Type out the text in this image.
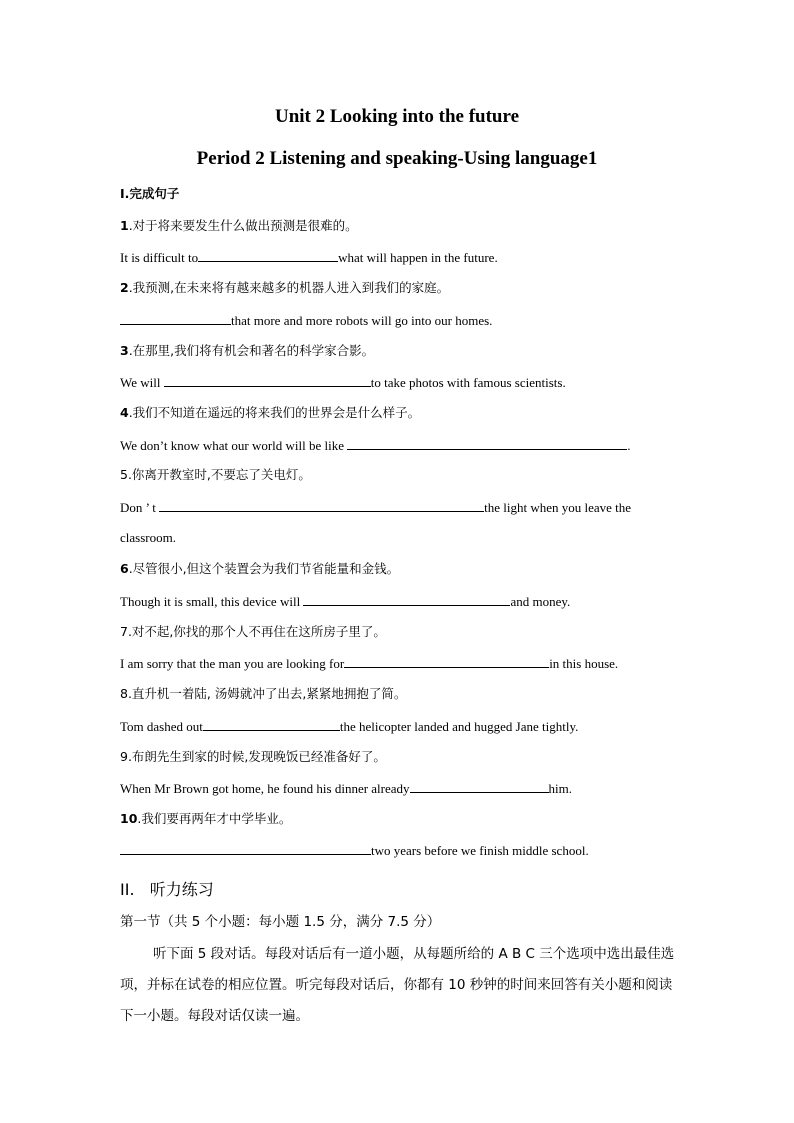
Unit 2 Looking into the future
Period 2 Listening and speaking-Using language1
I.完成句子
1.对于将来要发生什么做出预测是很难的。
It is difficult to	what will happen in the future.
2.我预测,在未来将有越来越多的机器人进入到我们的家庭。
that more and more robots will go into our homes.
3.在那里,我们将有机会和著名的科学家合影。
We will	to take photos with famous scientists.
4.我们不知道在遥远的将来我们的世界会是什么样子。
We don’t know what our world will be like	.
5.你离开教室时,不要忘了关电灯。
Don ’ t	the light when you leave the
classroom.
6.尽管很小,但这个装置会为我们节省能量和金钱。
Though it is small, this device will	and money.
7.对不起,你找的那个人不再住在这所房子里了。
I am sorry that the man you are looking for	in this house.
8.直升机一着陆, 汤姆就冲了出去,紧紧地拥抱了简。
Tom dashed out	the helicopter landed and hugged Jane tightly.
9.布朗先生到家的时候,发现晚饭已经准备好了。
When Mr Brown got home, he found his dinner already	him.
10.我们要再两年才中学毕业。
two years before we finish middle school.
II.   听力练习
第一节（共 5 个小题：每小题 1.5 分，满分 7.5 分）
听下面 5 段对话。每段对话后有一道小题，从每题所给的 A B C 三个选项中选出最佳选项，并标在试卷的相应位置。听完每段对话后，你都有 10 秒钟的时间来回答有关小题和阅读下一小题。每段对话仅读一遍。
